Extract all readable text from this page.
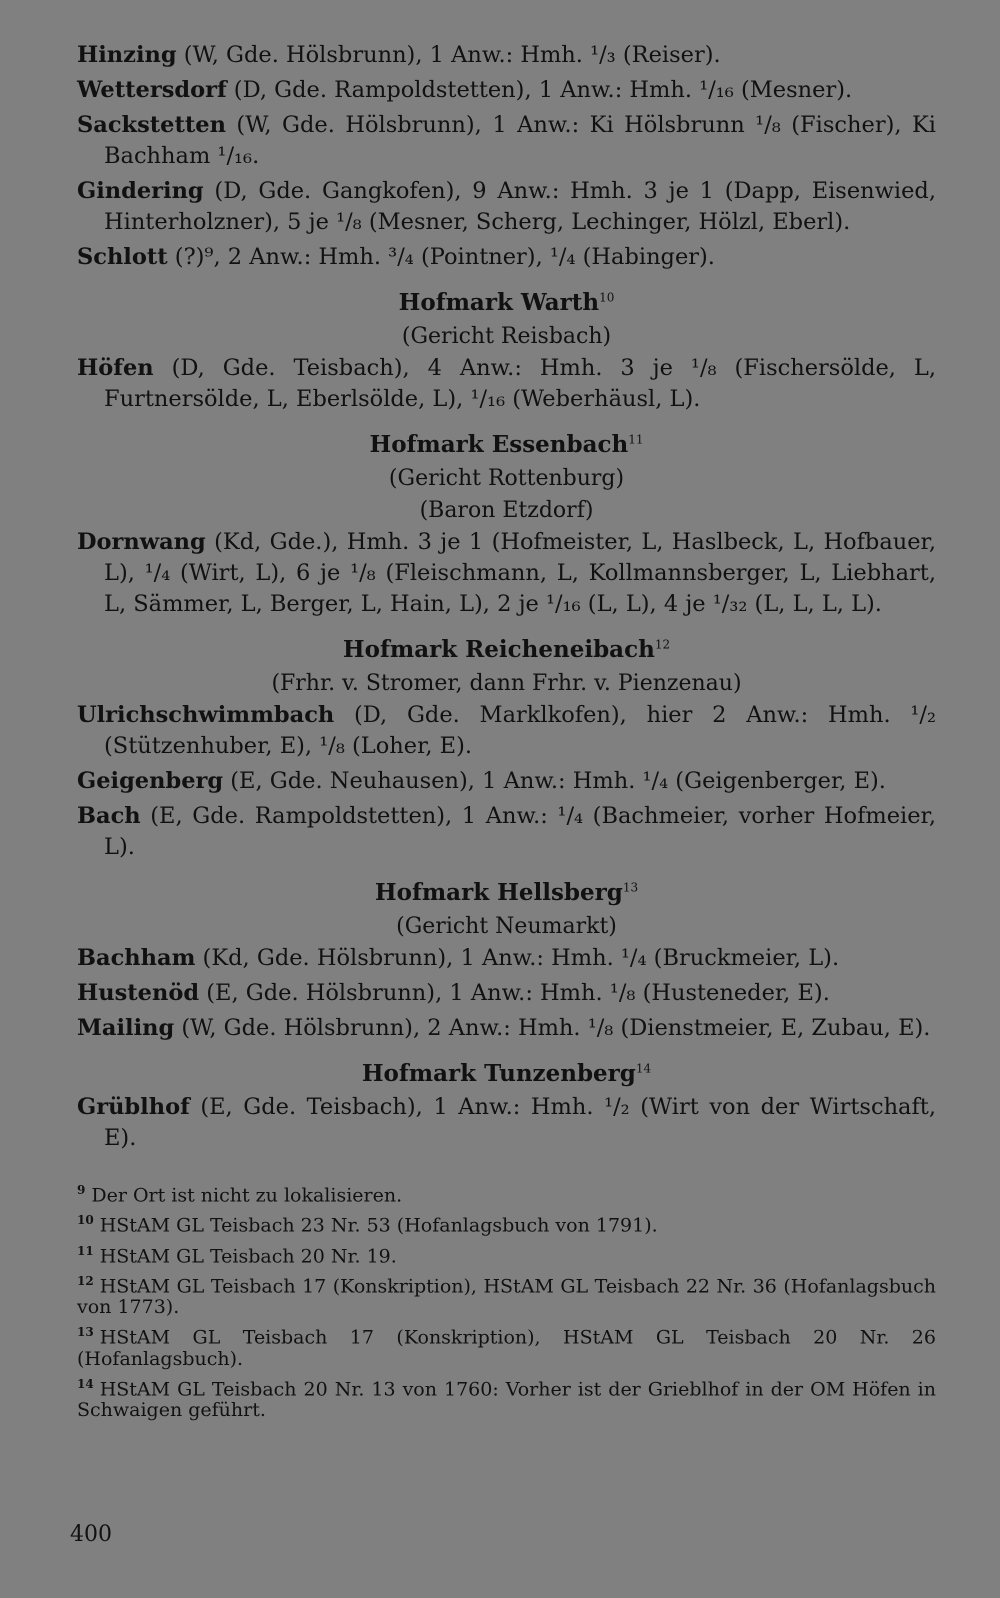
Hinzing (W, Gde. Hölsbrunn), 1 Anw.: Hmh. ¹/₃ (Reiser).
Wettersdorf (D, Gde. Rampoldstetten), 1 Anw.: Hmh. ¹/₁₆ (Mesner).
Sackstetten (W, Gde. Hölsbrunn), 1 Anw.: Ki Hölsbrunn ¹/₈ (Fischer), Ki Bachham ¹/₁₆.
Gindering (D, Gde. Gangkofen), 9 Anw.: Hmh. 3 je 1 (Dapp, Eisenwied, Hinterholzner), 5 je ¹/₈ (Mesner, Scherg, Lechinger, Hölzl, Eberl).
Schlott (?)⁹, 2 Anw.: Hmh. ³/₄ (Pointner), ¹/₄ (Habinger).
Hofmark Warth$^{10}$

(Gericht Reisbach)

Höfen (D, Gde. Teisbach), 4 Anw.: Hmh. 3 je ¹/₈ (Fischersölde, L, Furtnersölde, L, Eberlsölde, L), ¹/₁₆ (Weberhäusl, L).
Hofmark Essenbach$^{11}$

(Gericht Rottenburg)

(Baron Etzdorf)

Dornwang (Kd, Gde.), Hmh. 3 je 1 (Hofmeister, L, Haslbeck, L, Hofbauer, L), ¹/₄ (Wirt, L), 6 je ¹/₈ (Fleischmann, L, Kollmannsberger, L, Liebhart, L, Sämmer, L, Berger, L, Hain, L), 2 je ¹/₁₆ (L, L), 4 je ¹/₃₂ (L, L, L, L).
Hofmark Reicheneibach$^{12}$

(Frhr. v. Stromer, dann Frhr. v. Pienzenau)

Ulrichschwimmbach (D, Gde. Marklkofen), hier 2 Anw.: Hmh. ¹/₂ (Stützenhuber, E), ¹/₈ (Loher, E).
Geigenberg (E, Gde. Neuhausen), 1 Anw.: Hmh. ¹/₄ (Geigenberger, E).
Bach (E, Gde. Rampoldstetten), 1 Anw.: ¹/₄ (Bachmeier, vorher Hofmeier, L).
Hofmark Hellsberg$^{13}$

(Gericht Neumarkt)

Bachham (Kd, Gde. Hölsbrunn), 1 Anw.: Hmh. ¹/₄ (Bruckmeier, L).
Hustenöd (E, Gde. Hölsbrunn), 1 Anw.: Hmh. ¹/₈ (Husteneder, E).
Mailing (W, Gde. Hölsbrunn), 2 Anw.: Hmh. ¹/₈ (Dienstmeier, E, Zubau, E).
Hofmark Tunzenberg$^{14}$
Grüblhof (E, Gde. Teisbach), 1 Anw.: Hmh. ¹/₂ (Wirt von der Wirtschaft, E).

$^9$ Der Ort ist nicht zu lokalisieren.

$^{10}$ HStAM GL Teisbach 23 Nr. 53 (Hofanlagsbuch von 1791).

$^{11}$ HStAM GL Teisbach 20 Nr. 19.

$^{12}$ HStAM GL Teisbach 17 (Konskription), HStAM GL Teisbach 22 Nr. 36 (Hofanlagsbuch von 1773).

$^{13}$ HStAM GL Teisbach 17 (Konskription), HStAM GL Teisbach 20 Nr. 26 (Hofanlagsbuch).

$^{14}$ HStAM GL Teisbach 20 Nr. 13 von 1760: Vorher ist der Grieblhof in der OM Höfen in Schwaigen geführt.

400
